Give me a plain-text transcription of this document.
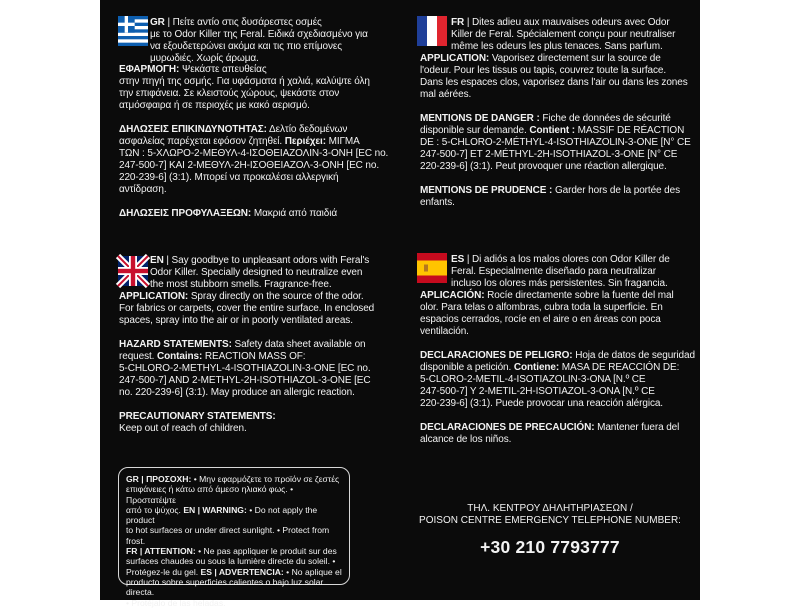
GR | Πείτε αντίο στις δυσάρεστες οσμές
με το Odor Killer της Feral. Ειδικά σχεδιασμένο για
να εξουδετερώνει ακόμα και τις πιο επίμονες
μυρωδιές. Χωρίς άρωμα.

ΕΦΑΡΜΟΓΗ: Ψεκάστε απευθείας
στην πηγή της οσμής. Για υφάσματα ή χαλιά, καλύψτε όλη
την επιφάνεια. Σε κλειστούς χώρους, ψεκάστε στον
ατμόσφαιρα ή σε περιοχές με κακό αερισμό.

ΔΗΛΩΣΕΙΣ ΕΠΙΚΙΝΔΥΝΟΤΗΤΑΣ: Δελτίο δεδομένων
ασφαλείας παρέχεται εφόσον ζητηθεί. Περιέχει: ΜΙΓΜΑ
ΤΩΝ : 5-ΧΛΩΡΟ-2-ΜΕΘΥΛ-4-ΙΣΟΘΕΙΑΖΟΛΙΝ-3-ΟΝΗ [EC no.
247-500-7] ΚΑΙ 2-ΜΕΘΥΛ-2Η-ΙΣΟΘΕΙΑΖΟΛ-3-ΟΝΗ [EC no.
220-239-6] (3:1). Μπορεί να προκαλέσει αλλεργική
αντίδραση.

ΔΗΛΩΣΕΙΣ ΠΡΟΦΥΛΑΞΕΩΝ: Μακριά από παιδιά

FR | Dites adieu aux mauvaises odeurs avec Odor
Killer de Feral. Spécialement conçu pour neutraliser
même les odeurs les plus tenaces. Sans parfum.

APPLICATION: Vaporisez directement sur la source de
l'odeur. Pour les tissus ou tapis, couvrez toute la surface.
Dans les espaces clos, vaporisez dans l'air ou dans les zones
mal aérées.

MENTIONS DE DANGER : Fiche de données de sécurité
disponible sur demande. Contient : MASSIF DE RÉACTION
DE : 5-CHLORO-2-MÉTHYL-4-ISOTHIAZOLIN-3-ONE [N° CE
247-500-7] ET 2-MÉTHYL-2H-ISOTHIAZOL-3-ONE [N° CE
220-239-6] (3:1). Peut provoquer une réaction allergique.

MENTIONS DE PRUDENCE : Garder hors de la portée des
enfants.

EN | Say goodbye to unpleasant odors with Feral's
Odor Killer. Specially designed to neutralize even
the most stubborn smells. Fragrance-free.

APPLICATION: Spray directly on the source of the odor.
For fabrics or carpets, cover the entire surface. In enclosed
spaces, spray into the air or in poorly ventilated areas.

HAZARD STATEMENTS: Safety data sheet available on
request. Contains: REACTION MASS OF:
5-CHLORO-2-METHYL-4-ISOTHIAZOLIN-3-ONE [EC no.
247-500-7] AND 2-METHYL-2H-ISOTHIAZOL-3-ONE [EC
no. 220-239-6] (3:1). May produce an allergic reaction.

PRECAUTIONARY STATEMENTS:
Keep out of reach of children.

ES | Di adiós a los malos olores con Odor Killer de
Feral. Especialmente diseñado para neutralizar
incluso los olores más persistentes. Sin fragancia.

APLICACIÓN: Rocíe directamente sobre la fuente del mal
olor. Para telas o alfombras, cubra toda la superficie. En
espacios cerrados, rocíe en el aire o en áreas con poca
ventilación.

DECLARACIONES DE PELIGRO: Hoja de datos de seguridad
disponible a petición. Contiene: MASA DE REACCIÓN DE:
5-CLORO-2-METIL-4-ISOTIAZOLIN-3-ONA [N.º CE
247-500-7] Y 2-METIL-2H-ISOTIAZOL-3-ONA [N.º CE
220-239-6] (3:1). Puede provocar una reacción alérgica.

DECLARACIONES DE PRECAUCIÓN: Mantener fuera del
alcance de los niños.

GR | ΠΡΟΣΟΧΗ: • Μην εφαρμόζετε το προϊόν σε ζεστές
επιφάνειες ή κάτω από άμεσο ηλιακό φως. • Προστατέψτε
από το ψύχος. EN | WARNING: • Do not apply the product
to hot surfaces or under direct sunlight. • Protect from frost.
FR | ATTENTION: • Ne pas appliquer le produit sur des
surfaces chaudes ou sous la lumière directe du soleil. •
Protégez-le du gel. ES | ADVERTENCIA: • No aplique el
producto sobre superficies calientes o bajo luz solar directa.
• Protéjalo de las heladas.
ΤΗΛ. ΚΕΝΤΡΟΥ ΔΗΛΗΤΗΡΙΑΣΕΩΝ /
POISON CENTRE EMERGENCY TELEPHONE NUMBER:
+30 210 7793777
